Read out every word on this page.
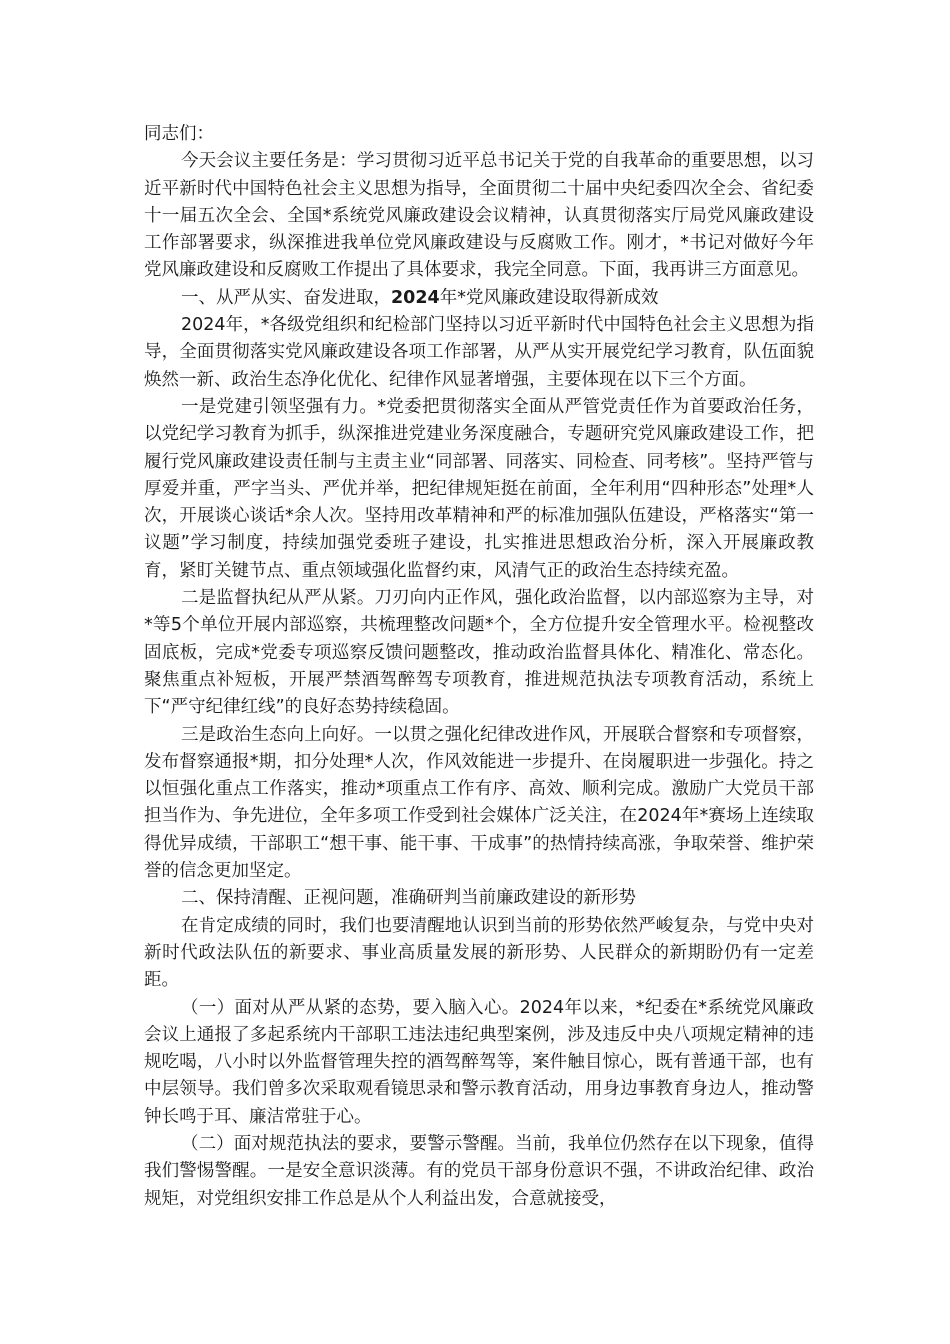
同志们：

今天会议主要任务是：学习贯彻习近平总书记关于党的自我革命的重要思想，以习近平新时代中国特色社会主义思想为指导，全面贯彻二十届中央纪委四次全会、省纪委十一届五次全会、全国*系统党风廉政建设会议精神，认真贯彻落实厅局党风廉政建设工作部署要求，纵深推进我单位党风廉政建设与反腐败工作。刚才，*书记对做好今年党风廉政建设和反腐败工作提出了具体要求，我完全同意。下面，我再讲三方面意见。

一、从严从实、奋发进取，2024年*党风廉政建设取得新成效

2024年，*各级党组织和纪检部门坚持以习近平新时代中国特色社会主义思想为指导，全面贯彻落实党风廉政建设各项工作部署，从严从实开展党纪学习教育，队伍面貌焕然一新、政治生态净化优化、纪律作风显著增强，主要体现在以下三个方面。

一是党建引领坚强有力。*党委把贯彻落实全面从严管党责任作为首要政治任务，以党纪学习教育为抓手，纵深推进党建业务深度融合，专题研究党风廉政建设工作，把履行党风廉政建设责任制与主责主业“同部署、同落实、同检查、同考核”。坚持严管与厚爱并重，严字当头、严优并举，把纪律规矩挺在前面，全年利用“四种形态”处理*人次，开展谈心谈话*余人次。坚持用改革精神和严的标准加强队伍建设，严格落实“第一议题”学习制度，持续加强党委班子建设，扎实推进思想政治分析，深入开展廉政教育，紧盯关键节点、重点领域强化监督约束，风清气正的政治生态持续充盈。

二是监督执纪从严从紧。刀刃向内正作风，强化政治监督，以内部巡察为主导，对*等5个单位开展内部巡察，共梳理整改问题*个，全方位提升安全管理水平。检视整改固底板，完成*党委专项巡察反馈问题整改，推动政治监督具体化、精准化、常态化。聚焦重点补短板，开展严禁酒驾醉驾专项教育，推进规范执法专项教育活动，系统上下“严守纪律红线”的良好态势持续稳固。

三是政治生态向上向好。一以贯之强化纪律改进作风，开展联合督察和专项督察，发布督察通报*期，扣分处理*人次，作风效能进一步提升、在岗履职进一步强化。持之以恒强化重点工作落实，推动*项重点工作有序、高效、顺利完成。激励广大党员干部担当作为、争先进位，全年多项工作受到社会媒体广泛关注，在2024年*赛场上连续取得优异成绩，干部职工“想干事、能干事、干成事”的热情持续高涨，争取荣誉、维护荣誉的信念更加坚定。

二、保持清醒、正视问题，准确研判当前廉政建设的新形势

在肯定成绩的同时，我们也要清醒地认识到当前的形势依然严峻复杂，与党中央对新时代政法队伍的新要求、事业高质量发展的新形势、人民群众的新期盼仍有一定差距。

（一）面对从严从紧的态势，要入脑入心。2024年以来，*纪委在*系统党风廉政会议上通报了多起系统内干部职工违法违纪典型案例，涉及违反中央八项规定精神的违规吃喝，八小时以外监督管理失控的酒驾醉驾等，案件触目惊心，既有普通干部，也有中层领导。我们曾多次采取观看镜思录和警示教育活动，用身边事教育身边人，推动警钟长鸣于耳、廉洁常驻于心。

（二）面对规范执法的要求，要警示警醒。当前，我单位仍然存在以下现象，值得我们警惕警醒。一是安全意识淡薄。有的党员干部身份意识不强，不讲政治纪律、政治规矩，对党组织安排工作总是从个人利益出发，合意就接受，
